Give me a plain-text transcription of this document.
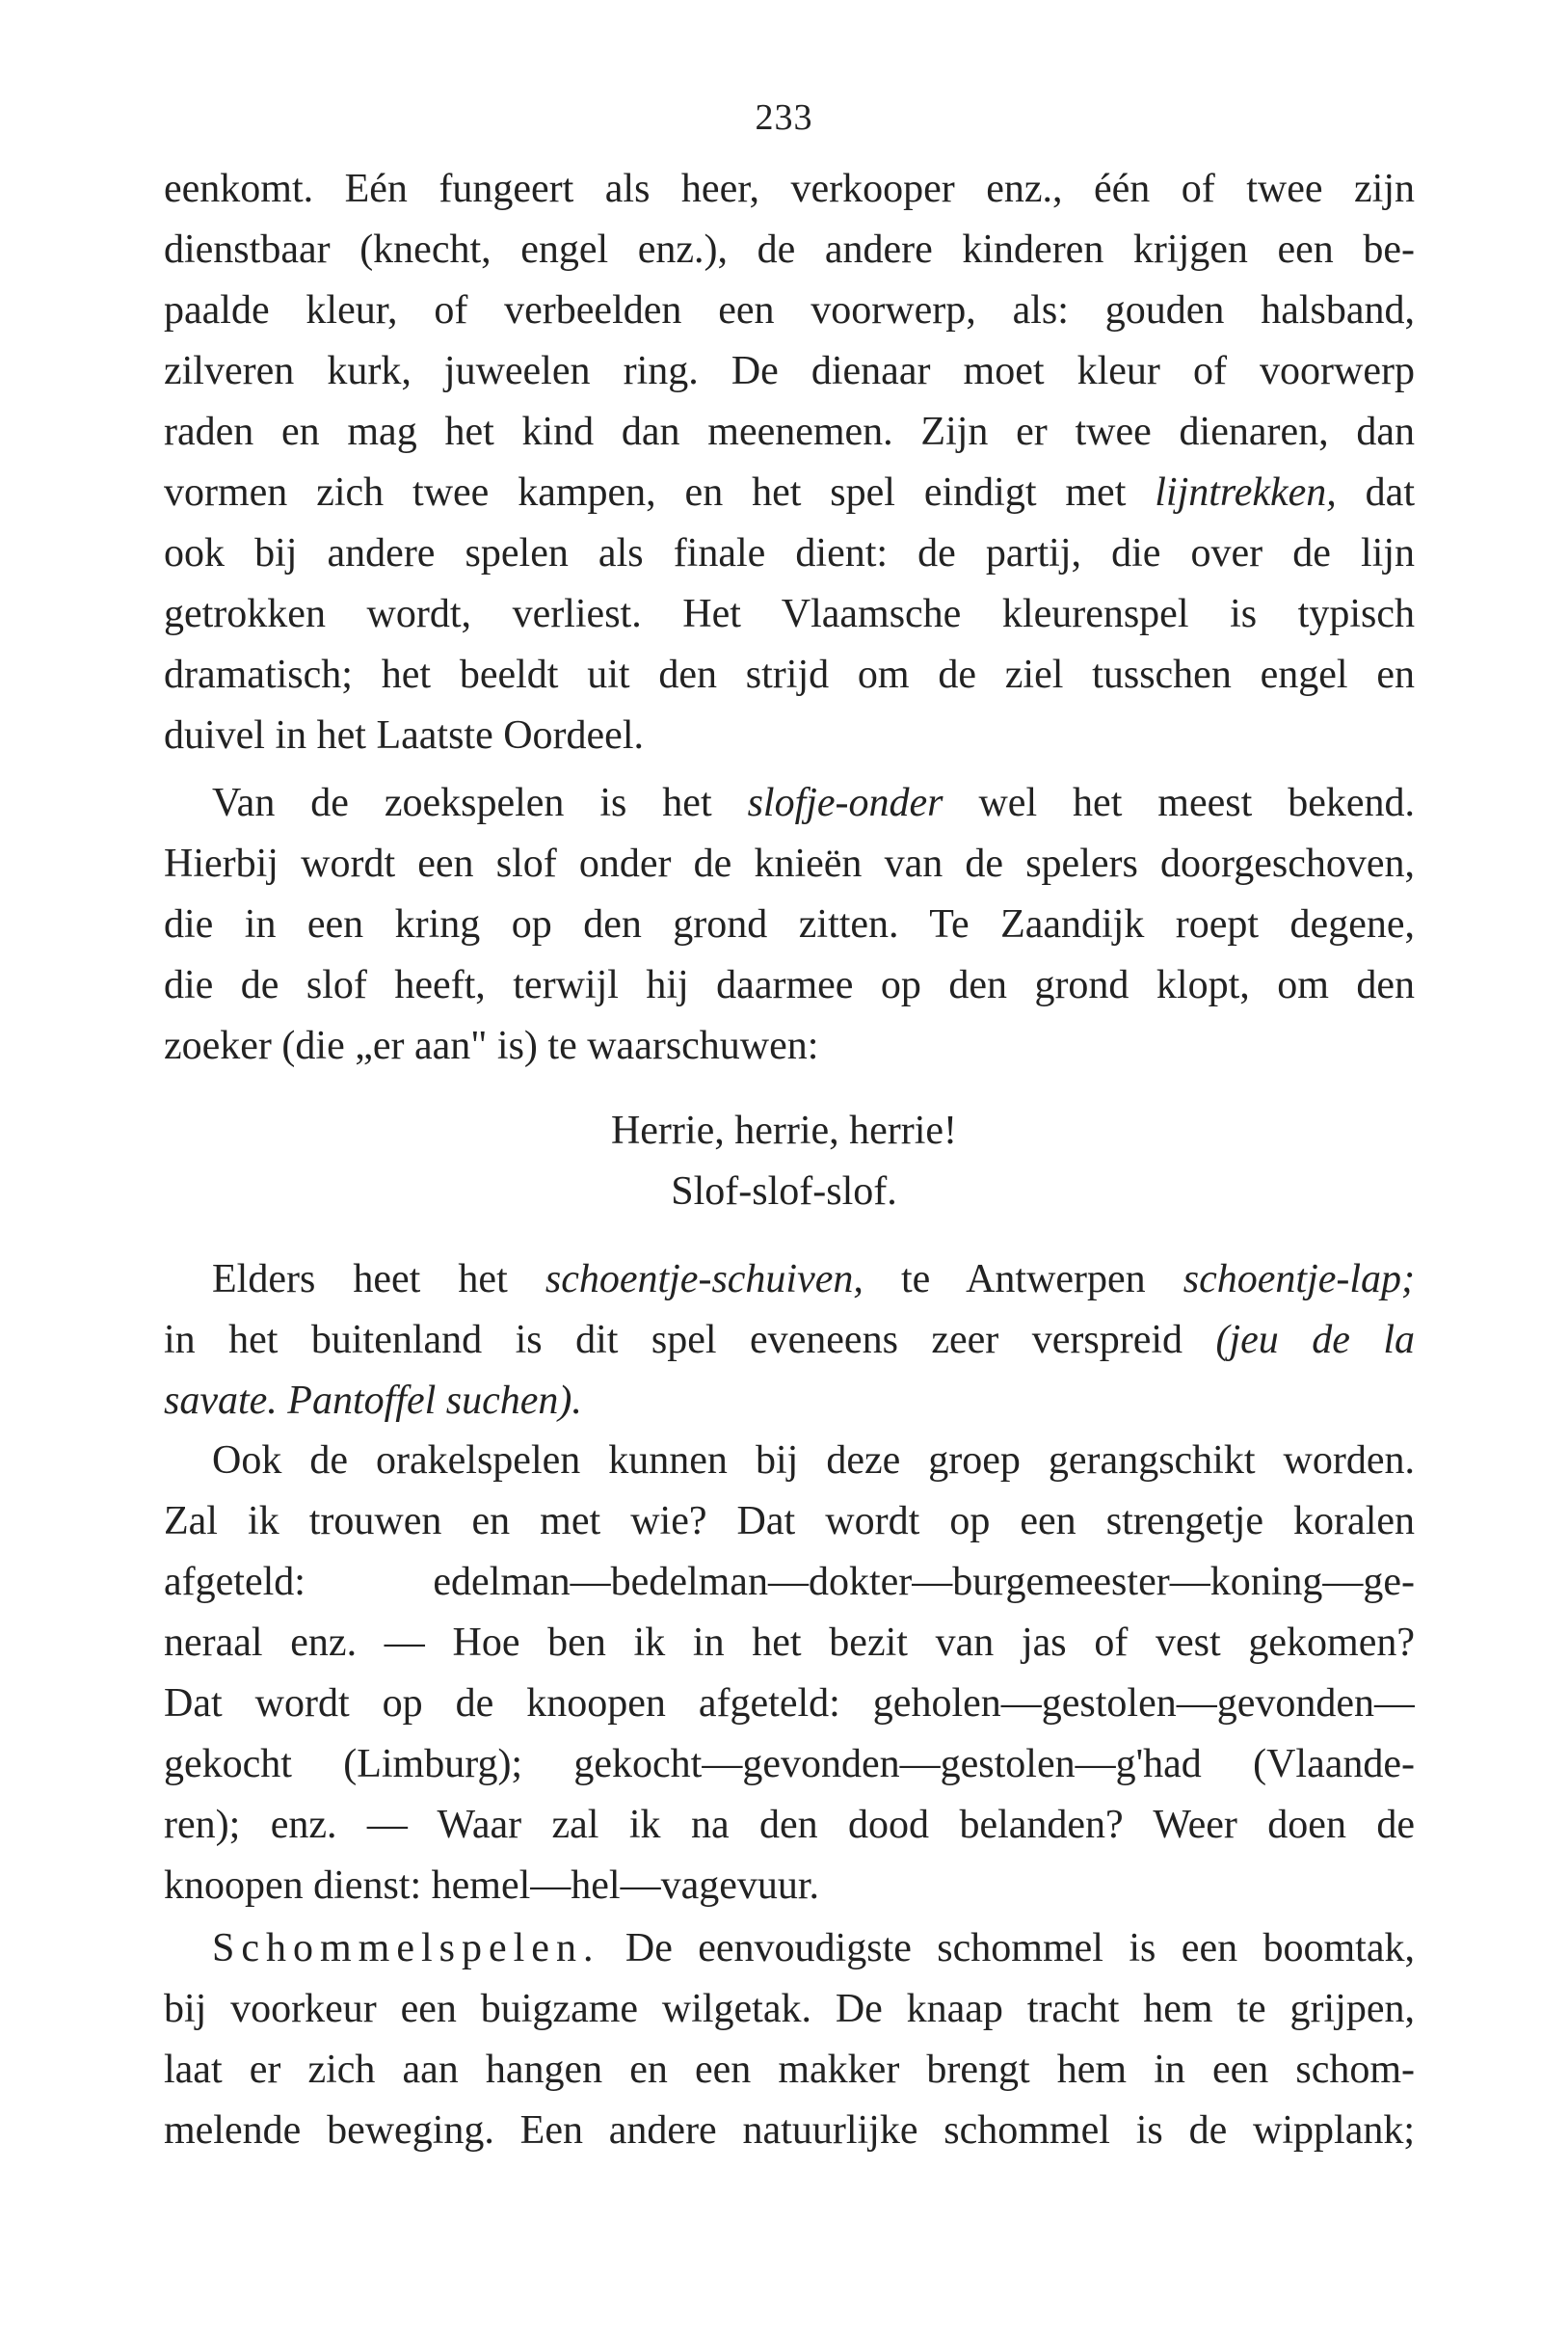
233
eenkomt. Eén fungeert als heer, verkooper enz., één of twee zijn
dienstbaar (knecht, engel enz.), de andere kinderen krijgen een be-
paalde kleur, of verbeelden een voorwerp, als: gouden halsband,
zilveren kurk, juweelen ring. De dienaar moet kleur of voorwerp
raden en mag het kind dan meenemen. Zijn er twee dienaren, dan
vormen zich twee kampen, en het spel eindigt met lijntrekken, dat
ook bij andere spelen als finale dient: de partij, die over de lijn
getrokken wordt, verliest. Het Vlaamsche kleurenspel is typisch
dramatisch; het beeldt uit den strijd om de ziel tusschen engel en
duivel in het Laatste Oordeel.
Van de zoekspelen is het slofje-onder wel het meest bekend.
Hierbij wordt een slof onder de knieën van de spelers doorgeschoven,
die in een kring op den grond zitten. Te Zaandijk roept degene,
die de slof heeft, terwijl hij daarmee op den grond klopt, om den
zoeker (die „er aan" is) te waarschuwen:
Herrie, herrie, herrie!
Slof-slof-slof.
Elders heet het schoentje-schuiven, te Antwerpen schoentje-lap;
in het buitenland is dit spel eveneens zeer verspreid (jeu de la
savate. Pantoffel suchen).
Ook de orakelspelen kunnen bij deze groep gerangschikt worden.
Zal ik trouwen en met wie? Dat wordt op een strengetje koralen
afgeteld: edelman—bedelman—dokter—burgemeester—koning—ge-
neraal enz. — Hoe ben ik in het bezit van jas of vest gekomen?
Dat wordt op de knoopen afgeteld: geholen—gestolen—gevonden—
gekocht (Limburg); gekocht—gevonden—gestolen—g'had (Vlaande-
ren); enz. — Waar zal ik na den dood belanden? Weer doen de
knoopen dienst: hemel—hel—vagevuur.
Schommelspelen. De eenvoudigste schommel is een boomtak,
bij voorkeur een buigzame wilgetak. De knaap tracht hem te grijpen,
laat er zich aan hangen en een makker brengt hem in een schom-
melende beweging. Een andere natuurlijke schommel is de wipplank;
